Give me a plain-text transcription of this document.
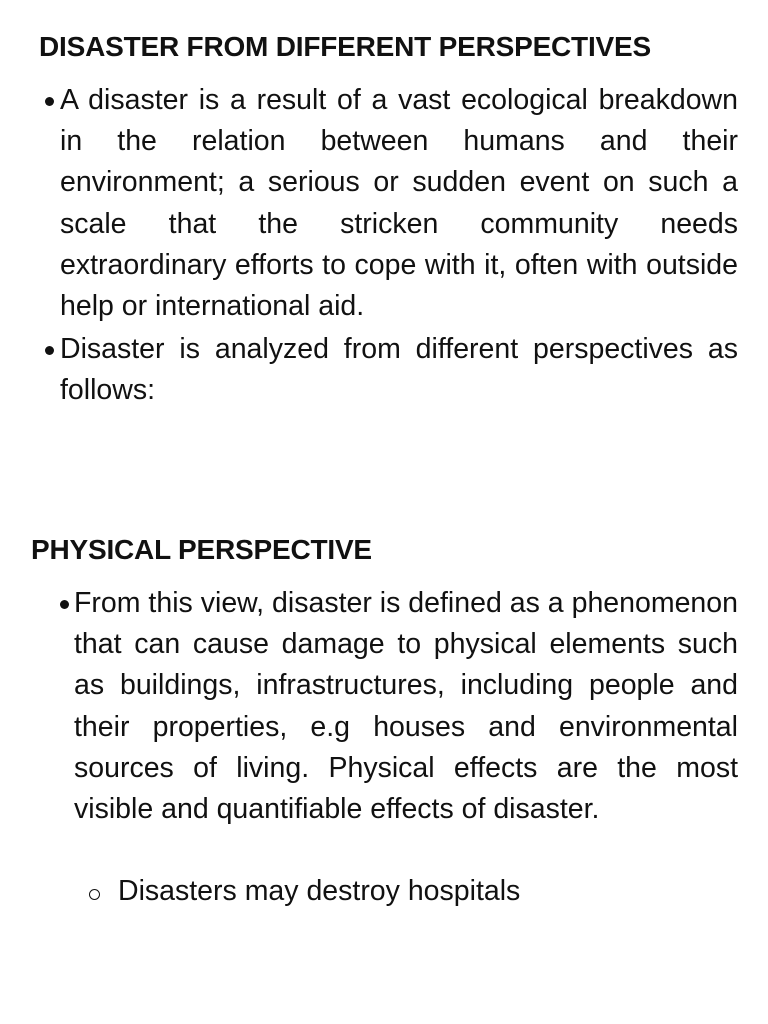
DISASTER FROM DIFFERENT PERSPECTIVES
A disaster is a result of a vast ecological breakdown in the relation between humans and their environment; a serious or sudden event on such a scale that the stricken community needs extraordinary efforts to cope with it, often with outside help or international aid.
Disaster is analyzed from different perspectives as follows:
PHYSICAL PERSPECTIVE
From this view, disaster is defined as a phenomenon that can cause damage to physical elements such as buildings, infrastructures, including people and their properties, e.g houses and environmental sources of living. Physical effects are the most visible and quantifiable effects of disaster.
Disasters may destroy hospitals
